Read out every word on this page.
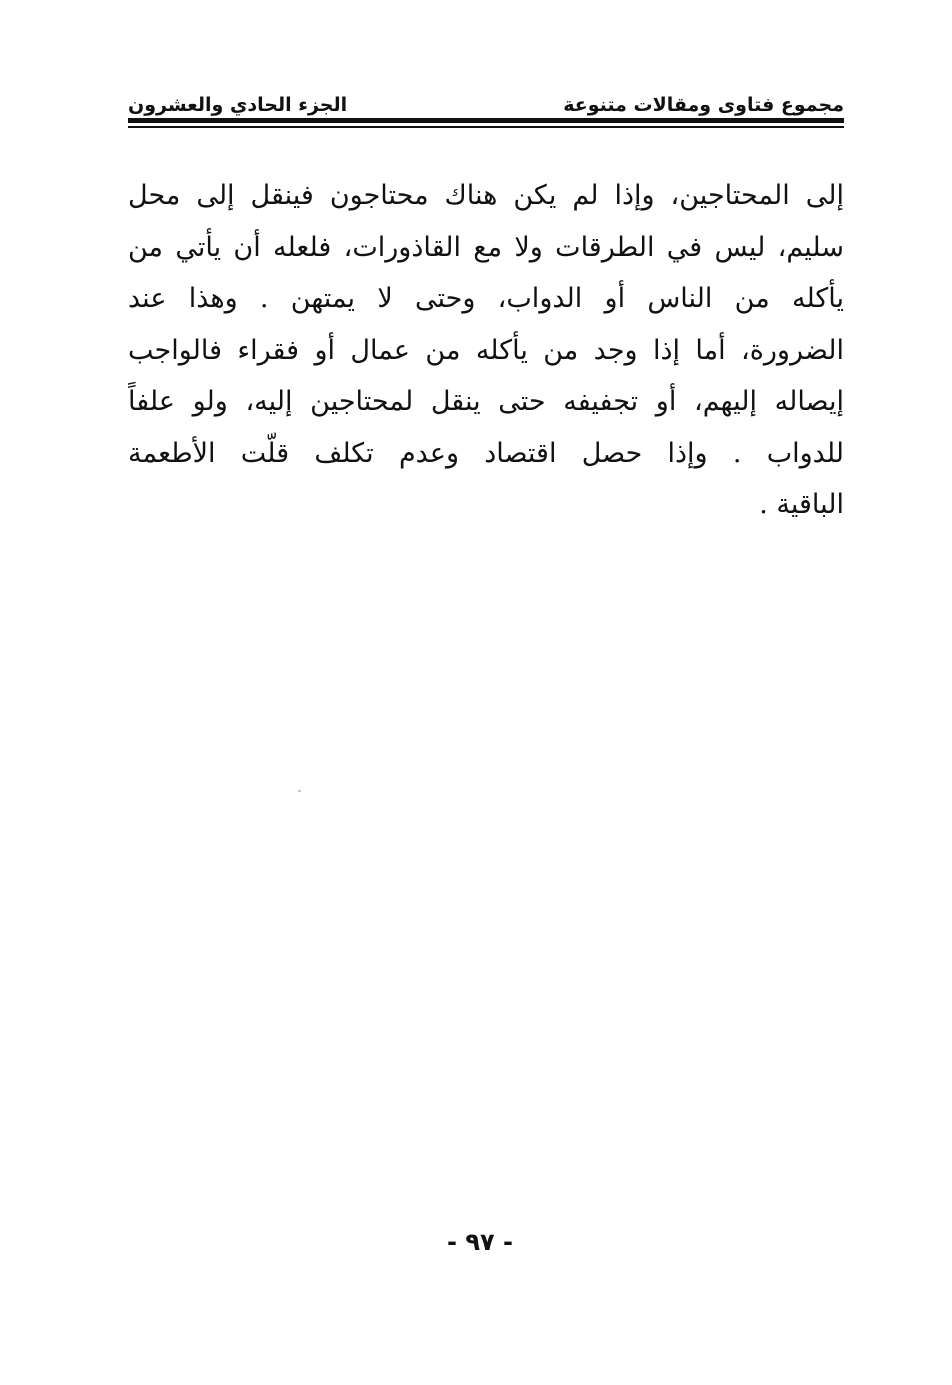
مجموع فتاوى ومقالات متنوعة
الجزء الحادي والعشرون
إلى المحتاجين، وإذا لم يكن هناك محتاجون فينقل إلى محل
سليم، ليس في الطرقات ولا مع القاذورات، فلعله أن يأتي من
يأكله من الناس أو الدواب، وحتى لا يمتهن . وهذا عند
الضرورة، أما إذا وجد من يأكله من عمال أو فقراء فالواجب
إيصاله إليهم، أو تجفيفه حتى ينقل لمحتاجين إليه، ولو علفاً
للدواب . وإذا حصل اقتصاد وعدم تكلف قلّت الأطعمة
الباقية .
- ٩٧ -
